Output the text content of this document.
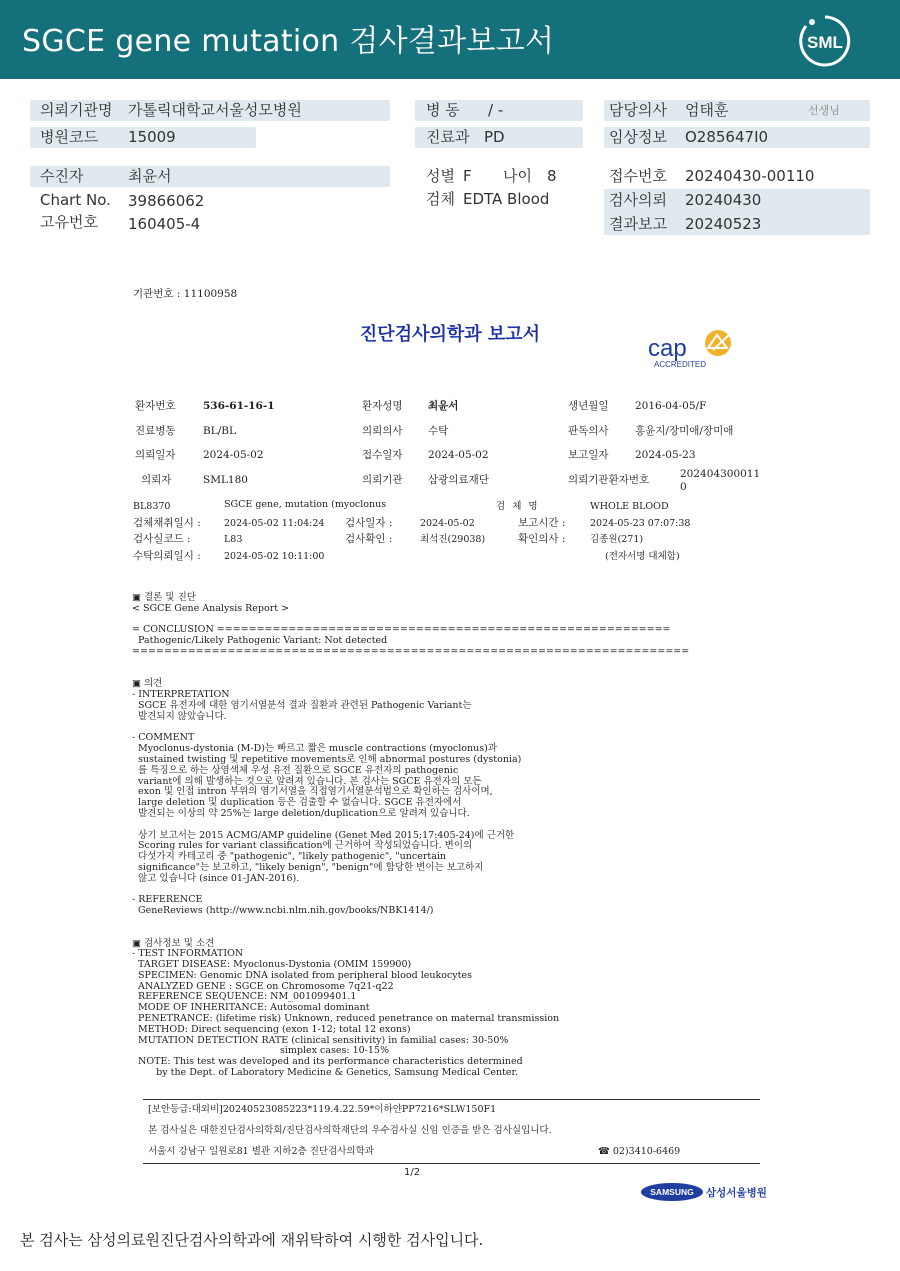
SGCE gene mutation 검사결과보고서	SML
의뢰기관명 가톨릭대학교서울성모병원	병 동 / -	담당의사 엄태훈	선생님
병원코드 15009	진료과 PD	임상정보 O285647I0
수진자	최윤서	성별 F 나이 8	접수번호 20240430-00110
Chart No. 39866062	검체 EDTA Blood	검사의뢰 20240430
고유번호 160405-4	결과보고 20240523
기관번호 : 11100958
진단검사의학과 보고서
cap
ACCREDITED
환자번호	536-61-16-1	환자성명 최윤서	생년월일	2016-04-05/F
진료병동	BL/BL	의뢰의사 수탁	판독의사	홍윤지/장미애/장미애
의뢰일자	2024-05-02	접수일자 2024-05-02	보고일자	2024-05-23
의뢰자	SML180	의뢰기관 삼광의료재단	의뢰기관환자번호	202404300011
0
BL8370	SGCE gene, mutation (myoclonus	검 체 명	WHOLE BLOOD
검체채취일시 : 2024-05-02 11:04:24 검사일자 :	2024-05-02	보고시간 :	2024-05-23 07:07:38
검사실코드 :	L83	검사확인 :	최석진(29038)	확인의사 :	김종원(271)
수탁의뢰일시 : 2024-05-02 10:11:00	(전자서명 대체함)
▣ 결론 및 진단
< SGCE Gene Analysis Report >

= CONCLUSION =========================================================
Pathogenic/Likely Pathogenic Variant: Not detected
======================================================================

▣ 의견
- INTERPRETATION
SGCE 유전자에 대한 염기서열분석 결과 질환과 관련된 Pathogenic Variant는
발견되지 않았습니다.

- COMMENT
Myoclonus-dystonia (M-D)는 빠르고 짧은 muscle contractions (myoclonus)과
sustained twisting 및 repetitive movements로 인해 abnormal postures (dystonia)
를 특징으로 하는 상염색체 우성 유전 질환으로 SGCE 유전자의 pathogenic
variant에 의해 발생하는 것으로 알려져 있습니다. 본 검사는 SGCE 유전자의 모든
exon 및 인접 intron 부위의 염기서열을 직접염기서열분석법으로 확인하는 검사이며,
large deletion 및 duplication 등은 검출할 수 없습니다. SGCE 유전자에서
발견되는 이상의 약 25%는 large deletion/duplication으로 알려져 있습니다.

상기 보고서는 2015 ACMG/AMP guideline (Genet Med 2015;17:405-24)에 근거한
Scoring rules for variant classification에 근거하여 작성되었습니다. 변이의
다섯가지 카테고리 중 "pathogenic", "likely pathogenic", "uncertain
significance"는 보고하고, "likely benign", "benign"에 합당한 변이는 보고하지
않고 있습니다 (since 01-JAN-2016).

- REFERENCE
GeneReviews (http://www.ncbi.nlm.nih.gov/books/NBK1414/)

▣ 검사정보 및 소견
- TEST INFORMATION
TARGET DISEASE: Myoclonus-Dystonia (OMIM 159900)
SPECIMEN: Genomic DNA isolated from peripheral blood leukocytes
ANALYZED GENE : SGCE on Chromosome 7q21-q22
REFERENCE SEQUENCE: NM_001099401.1
MODE OF INHERITANCE: Autosomal dominant
PENETRANCE: (lifetime risk) Unknown, reduced penetrance on maternal transmission
METHOD: Direct sequencing (exon 1-12; total 12 exons)
MUTATION DETECTION RATE (clinical sensitivity) in familial cases: 30-50%
simplex cases: 10-15%
NOTE: This test was developed and its performance characteristics determined
by the Dept. of Laboratory Medicine & Genetics, Samsung Medical Center.
[보안등급:대외비]20240523085223*119.4.22.59*이하얀PP7216*SLW150F1
본 검사실은 대한진단검사의학회/진단검사의학재단의 우수검사실 신임 인증을 받은 검사실입니다.
서울시 강남구 일원로81 별관 지하2층 진단검사의학과	☎ 02)3410-6469
1/2
SAMSUNG 삼성서울병원
본 검사는 삼성의료원진단검사의학과에 재위탁하여 시행한 검사입니다.
